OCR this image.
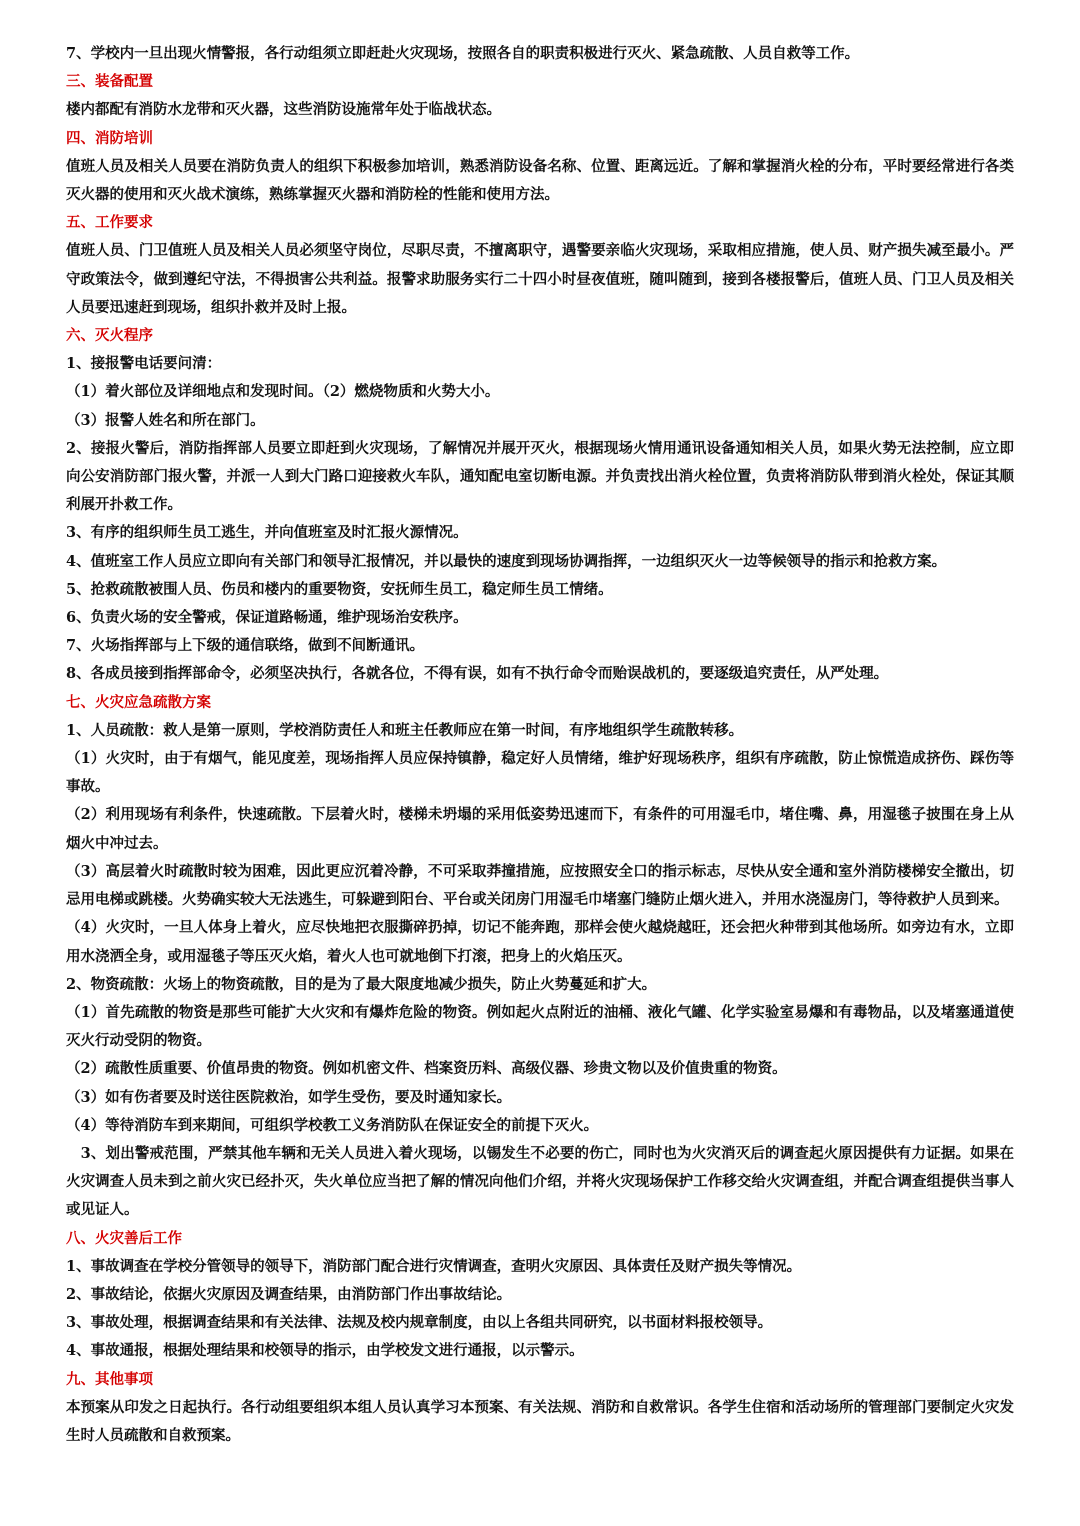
7、学校内一旦出现火情警报，各行动组须立即赶赴火灾现场，按照各自的职责积极进行灭火、紧急疏散、人员自救等工作。

三、装备配置

楼内都配有消防水龙带和灭火器，这些消防设施常年处于临战状态。

四、消防培训

值班人员及相关人员要在消防负责人的组织下积极参加培训，熟悉消防设备名称、位置、距离远近。了解和掌握消火栓的分布，平时要经常进行各类灭火器的使用和灭火战术演练，熟练掌握灭火器和消防栓的性能和使用方法。

五、工作要求

值班人员、门卫值班人员及相关人员必须坚守岗位，尽职尽责，不擅离职守，遇警要亲临火灾现场，采取相应措施，使人员、财产损失减至最小。严守政策法令，做到遵纪守法，不得损害公共利益。报警求助服务实行二十四小时昼夜值班，随叫随到，接到各楼报警后，值班人员、门卫人员及相关人员要迅速赶到现场，组织扑救并及时上报。

六、灭火程序

1、接报警电话要问清：

（1）着火部位及详细地点和发现时间。（2）燃烧物质和火势大小。

（3）报警人姓名和所在部门。

2、接报火警后，消防指挥部人员要立即赶到火灾现场，了解情况并展开灭火，根据现场火情用通讯设备通知相关人员，如果火势无法控制，应立即向公安消防部门报火警，并派一人到大门路口迎接救火车队，通知配电室切断电源。并负责找出消火栓位置，负责将消防队带到消火栓处，保证其顺利展开扑救工作。

3、有序的组织师生员工逃生，并向值班室及时汇报火源情况。

4、值班室工作人员应立即向有关部门和领导汇报情况，并以最快的速度到现场协调指挥，一边组织灭火一边等候领导的指示和抢救方案。

5、抢救疏散被围人员、伤员和楼内的重要物资，安抚师生员工，稳定师生员工情绪。

6、负责火场的安全警戒，保证道路畅通，维护现场治安秩序。

7、火场指挥部与上下级的通信联络，做到不间断通讯。

8、各成员接到指挥部命令，必须坚决执行，各就各位，不得有误，如有不执行命令而贻误战机的，要逐级追究责任，从严处理。

七、火灾应急疏散方案

1、人员疏散：救人是第一原则，学校消防责任人和班主任教师应在第一时间，有序地组织学生疏散转移。

（1）火灾时，由于有烟气，能见度差，现场指挥人员应保持镇静，稳定好人员情绪，维护好现场秩序，组织有序疏散，防止惊慌造成挤伤、踩伤等事故。

（2）利用现场有利条件，快速疏散。下层着火时，楼梯未坍塌的采用低姿势迅速而下，有条件的可用湿毛巾，堵住嘴、鼻，用湿毯子披围在身上从烟火中冲过去。

（3）高层着火时疏散时较为困难，因此更应沉着冷静，不可采取莽撞措施，应按照安全口的指示标志，尽快从安全通和室外消防楼梯安全撤出，切忌用电梯或跳楼。火势确实较大无法逃生，可躲避到阳台、平台或关闭房门用湿毛巾堵塞门缝防止烟火进入，并用水浇湿房门，等待救护人员到来。

（4）火灾时，一旦人体身上着火，应尽快地把衣服撕碎扔掉，切记不能奔跑，那样会使火越烧越旺，还会把火种带到其他场所。如旁边有水，立即用水浇洒全身，或用湿毯子等压灭火焰，着火人也可就地倒下打滚，把身上的火焰压灭。

2、物资疏散：火场上的物资疏散，目的是为了最大限度地减少损失，防止火势蔓延和扩大。

（1）首先疏散的物资是那些可能扩大火灾和有爆炸危险的物资。例如起火点附近的油桶、液化气罐、化学实验室易爆和有毒物品，以及堵塞通道使灭火行动受阴的物资。

（2）疏散性质重要、价值昂贵的物资。例如机密文件、档案资历料、高级仪器、珍贵文物以及价值贵重的物资。

（3）如有伤者要及时送往医院救治，如学生受伤，要及时通知家长。

（4）等待消防车到来期间，可组织学校教工义务消防队在保证安全的前提下灭火。

　3、划出警戒范围，严禁其他车辆和无关人员进入着火现场，以锡发生不必要的伤亡，同时也为火灾消灭后的调查起火原因提供有力证据。如果在火灾调查人员未到之前火灾已经扑灭，失火单位应当把了解的情况向他们介绍，并将火灾现场保护工作移交给火灾调查组，并配合调查组提供当事人或见证人。

八、火灾善后工作

1、事故调查在学校分管领导的领导下，消防部门配合进行灾情调查，查明火灾原因、具体责任及财产损失等情况。

2、事故结论，依据火灾原因及调查结果，由消防部门作出事故结论。

3、事故处理，根据调查结果和有关法律、法规及校内规章制度，由以上各组共同研究，以书面材料报校领导。

4、事故通报，根据处理结果和校领导的指示，由学校发文进行通报，以示警示。

九、其他事项

本预案从印发之日起执行。各行动组要组织本组人员认真学习本预案、有关法规、消防和自救常识。各学生住宿和活动场所的管理部门要制定火灾发生时人员疏散和自救预案。
